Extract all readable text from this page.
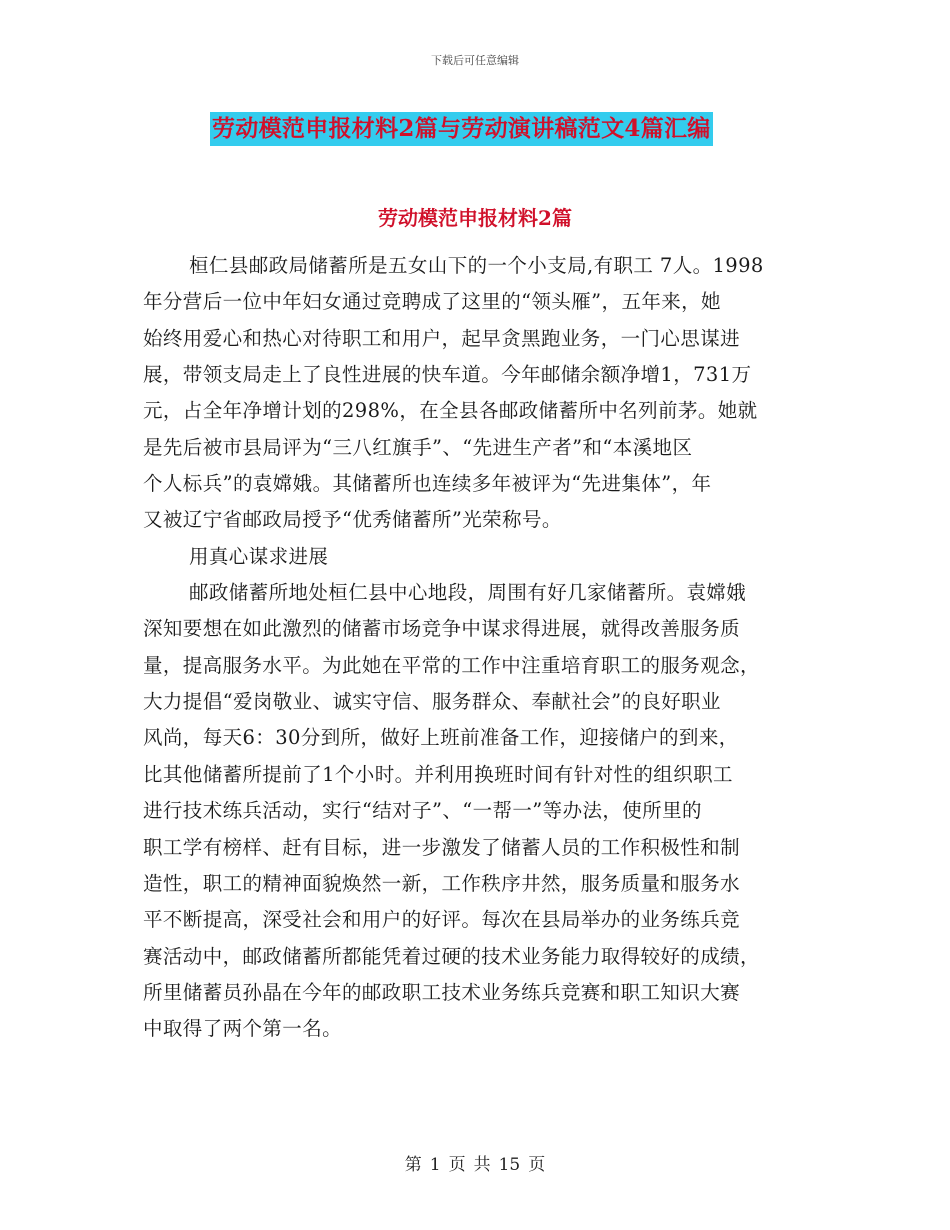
下载后可任意编辑
劳动模范申报材料2篇与劳动演讲稿范文4篇汇编
劳动模范申报材料2篇
桓仁县邮政局储蓄所是五女山下的一个小支局,有职工 7人。1998
年分营后一位中年妇女通过竞聘成了这里的“领头雁”，五年来，她
始终用爱心和热心对待职工和用户，起早贪黑跑业务，一门心思谋进
展，带领支局走上了良性进展的快车道。今年邮储余额净增1，731万
元，占全年净增计划的298%，在全县各邮政储蓄所中名列前茅。她就
是先后被市县局评为“三八红旗手”、“先进生产者”和“本溪地区
个人标兵”的袁嫦娥。其储蓄所也连续多年被评为“先进集体”，年
又被辽宁省邮政局授予“优秀储蓄所”光荣称号。
用真心谋求进展
邮政储蓄所地处桓仁县中心地段，周围有好几家储蓄所。袁嫦娥
深知要想在如此激烈的储蓄市场竞争中谋求得进展，就得改善服务质
量，提高服务水平。为此她在平常的工作中注重培育职工的服务观念，
大力提倡“爱岗敬业、诚实守信、服务群众、奉献社会”的良好职业
风尚，每天6：30分到所，做好上班前准备工作，迎接储户的到来，
比其他储蓄所提前了1个小时。并利用换班时间有针对性的组织职工
进行技术练兵活动，实行“结对子”、“一帮一”等办法，使所里的
职工学有榜样、赶有目标，进一步激发了储蓄人员的工作积极性和制
造性，职工的精神面貌焕然一新，工作秩序井然，服务质量和服务水
平不断提高，深受社会和用户的好评。每次在县局举办的业务练兵竞
赛活动中，邮政储蓄所都能凭着过硬的技术业务能力取得较好的成绩，
所里储蓄员孙晶在今年的邮政职工技术业务练兵竞赛和职工知识大赛
中取得了两个第一名。
第 1 页 共 15 页
